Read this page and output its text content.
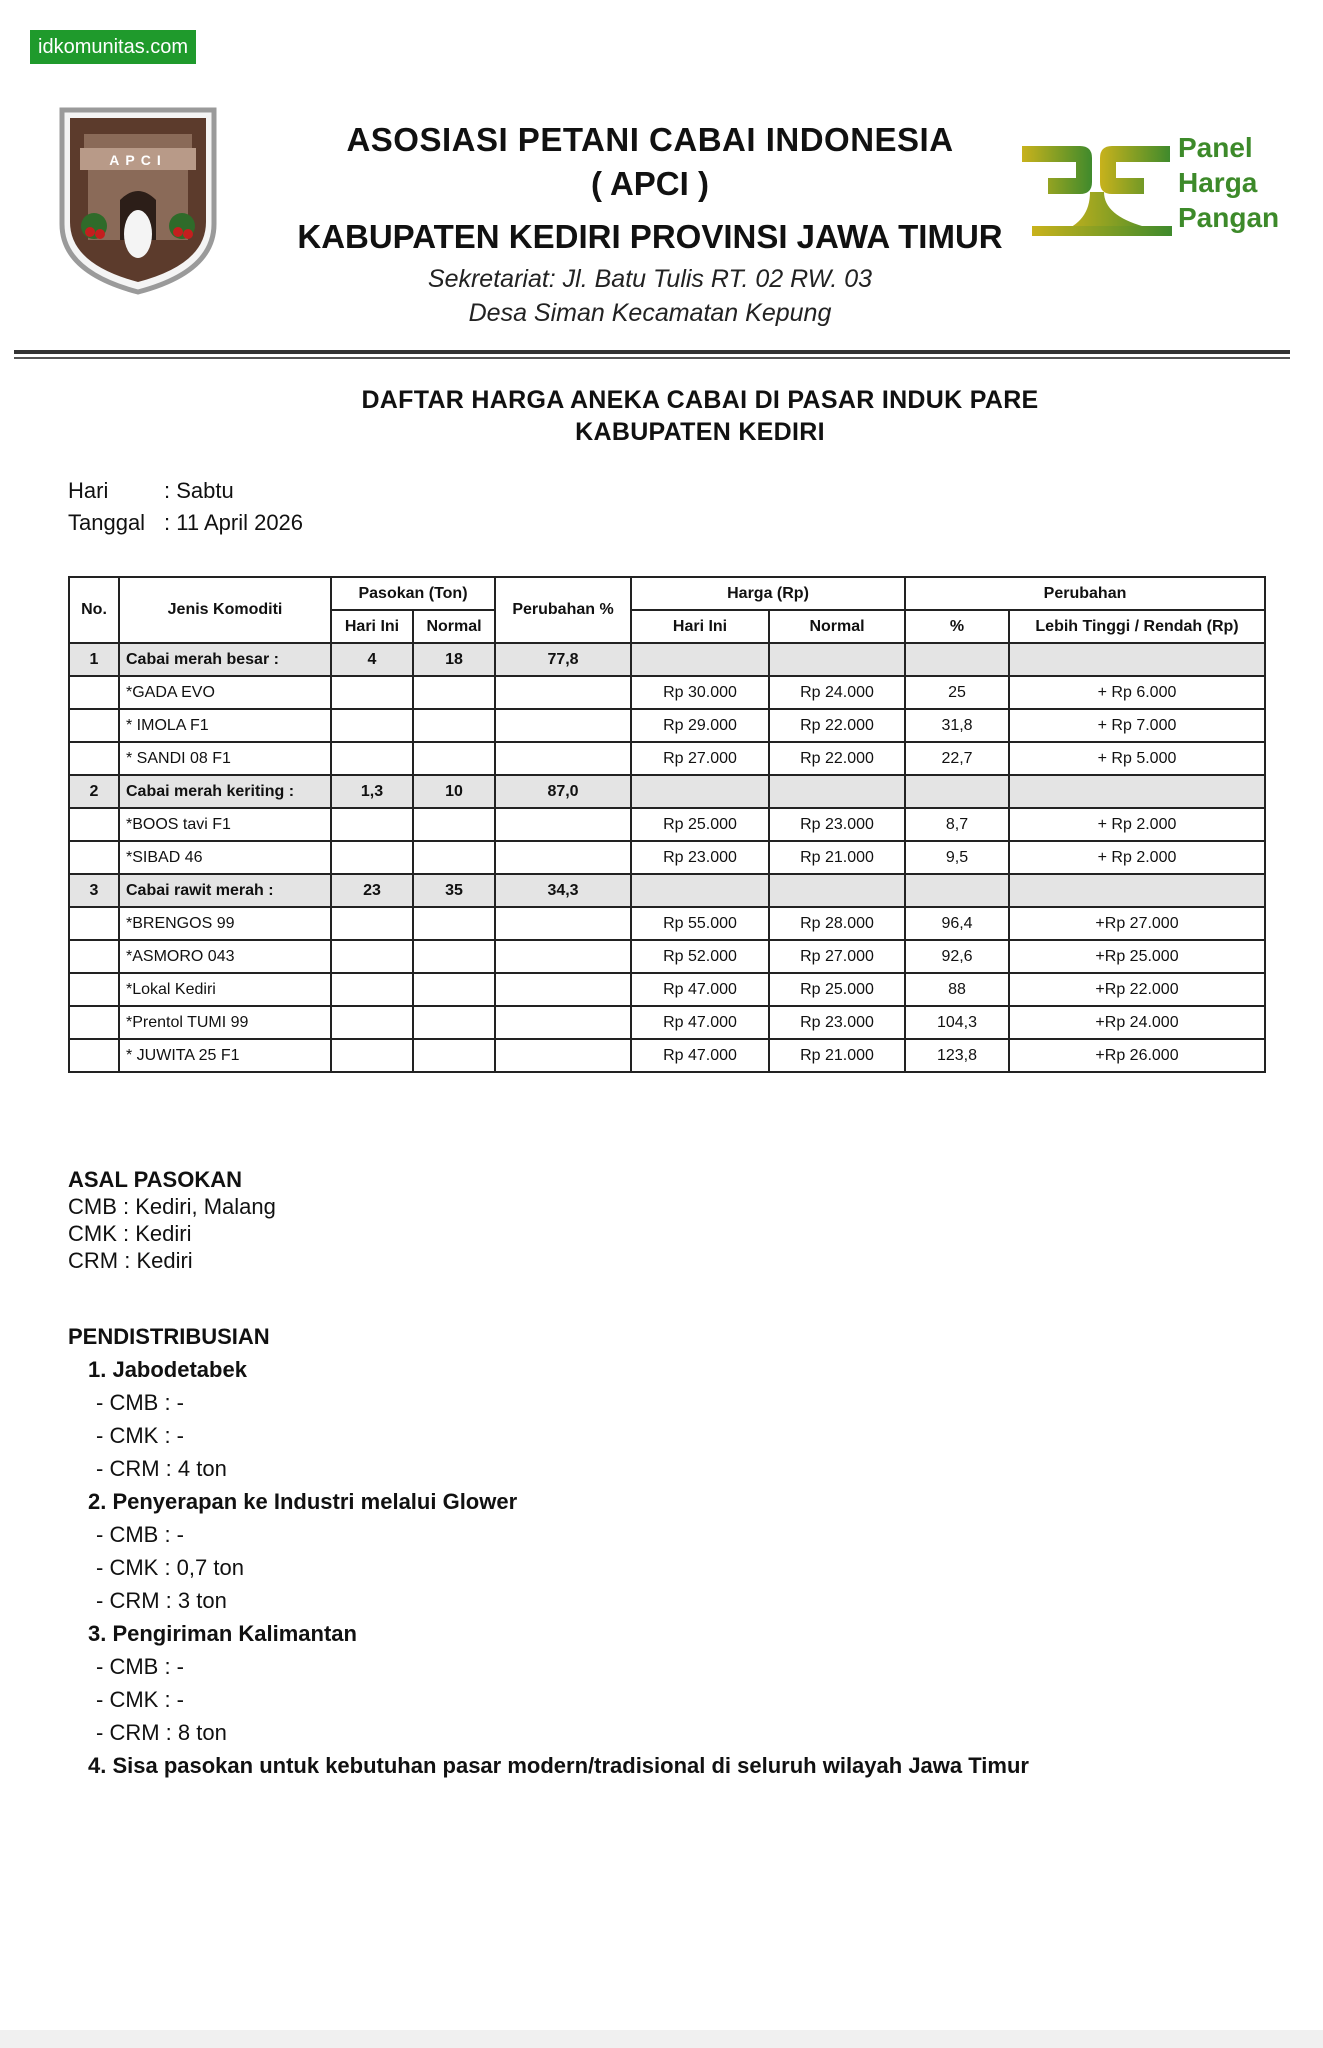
idkomunitas.com
APCI
ASOSIASI PETANI CABAI INDONESIA
( APCI )
KABUPATEN KEDIRI PROVINSI JAWA TIMUR
Sekretariat: Jl. Batu Tulis RT. 02 RW. 03
Desa Siman Kecamatan Kepung
Panel
Harga
Pangan
DAFTAR HARGA ANEKA CABAI DI PASAR INDUK PARE
KABUPATEN KEDIRI
Hari	: Sabtu
Tanggal : 11 April 2026
No.	Jenis Komoditi	Pasokan (Ton)		Perubahan %	Harga (Rp)		Perubahan	
		Hari Ini	Normal		Hari Ini	Normal	%	Lebih Tinggi / Rendah (Rp)
1	Cabai merah besar :	4	18	77,8				
	*GADA EVO				Rp 30.000	Rp 24.000	25	+ Rp 6.000
	* IMOLA F1				Rp 29.000	Rp 22.000	31,8	+ Rp 7.000
	* SANDI 08 F1				Rp 27.000	Rp 22.000	22,7	+ Rp 5.000
2	Cabai merah keriting :	1,3	10	87,0				
	*BOOS tavi F1				Rp 25.000	Rp 23.000	8,7	+ Rp 2.000
	*SIBAD 46				Rp 23.000	Rp 21.000	9,5	+ Rp 2.000
3	Cabai rawit merah :	23	35	34,3				
	*BRENGOS 99				Rp 55.000	Rp 28.000	96,4	+Rp 27.000
	*ASMORO 043				Rp 52.000	Rp 27.000	92,6	+Rp 25.000
	*Lokal Kediri				Rp 47.000	Rp 25.000	88	+Rp 22.000
	*Prentol TUMI 99				Rp 47.000	Rp 23.000	104,3	+Rp 24.000
	* JUWITA 25 F1				Rp 47.000	Rp 21.000	123,8	+Rp 26.000
ASAL PASOKAN
CMB : Kediri, Malang
CMK : Kediri
CRM : Kediri
PENDISTRIBUSIAN
1. Jabodetabek
- CMB : -
- CMK : -
- CRM : 4 ton
2. Penyerapan ke Industri melalui Glower
- CMB : -
- CMK : 0,7 ton
- CRM : 3 ton
3. Pengiriman Kalimantan
- CMB : -
- CMK : -
- CRM : 8 ton
4. Sisa pasokan untuk kebutuhan pasar modern/tradisional di seluruh wilayah Jawa Timur
